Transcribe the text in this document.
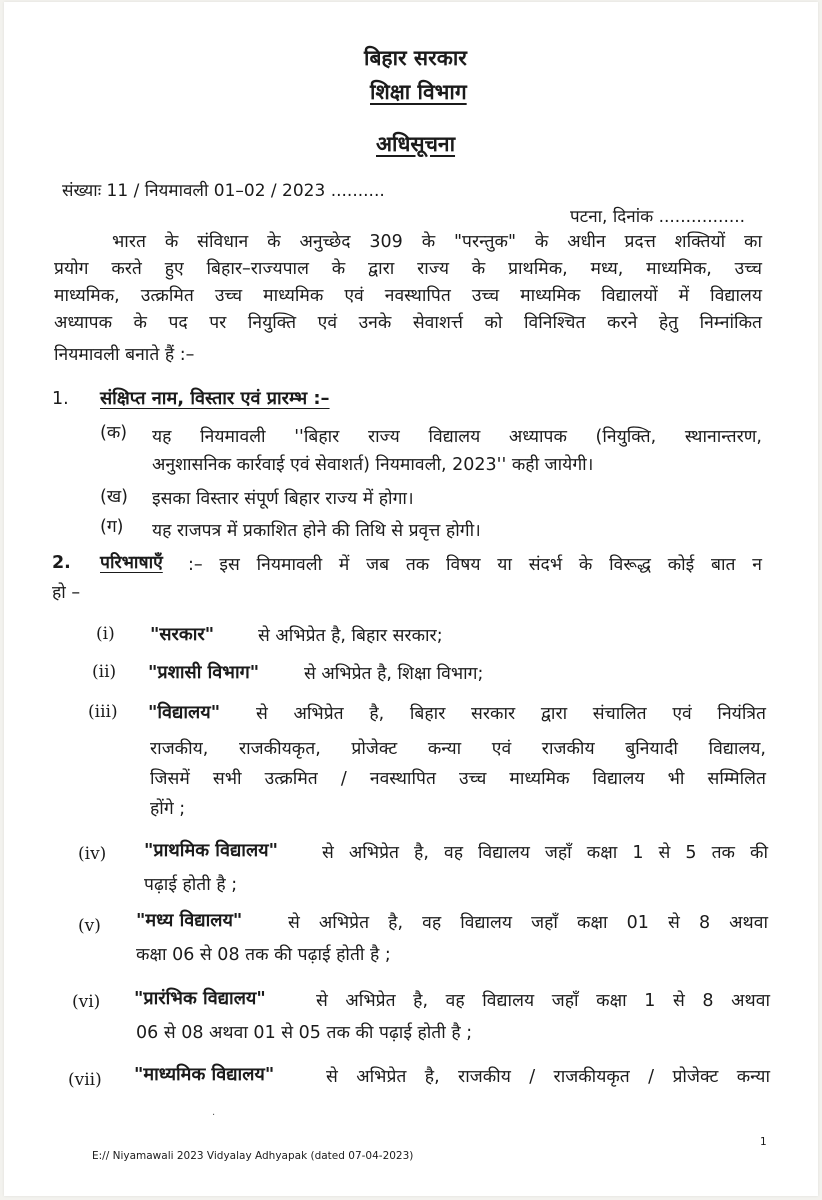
बिहार सरकार
शिक्षा विभाग
अधिसूचना
संख्याः 11 / नियमावली 01–02 / 2023 ..........
पटना, दिनांक ................
भारत के संविधान के अनुच्छेद 309 के "परन्तुक" के अधीन प्रदत्त शक्तियों का
प्रयोग करते हुए बिहार–राज्यपाल के द्वारा राज्य के प्राथमिक, मध्य, माध्यमिक, उच्च
माध्यमिक, उत्क्रमित उच्च माध्यमिक एवं नवस्थापित उच्च माध्यमिक विद्यालयों में विद्यालय
अध्यापक के पद पर नियुक्ति एवं उनके सेवाशर्त्त को विनिश्चित करने हेतु निम्नांकित
नियमावली बनाते हैं :–
1. संक्षिप्त नाम, विस्तार एवं प्रारम्भ :–
(क) यह नियमावली ''बिहार राज्य विद्यालय अध्यापक (नियुक्ति, स्थानान्तरण,
अनुशासनिक कार्रवाई एवं सेवाशर्त) नियमावली, 2023'' कही जायेगी।
(ख) इसका विस्तार संपूर्ण बिहार राज्य में होगा।
(ग) यह राजपत्र में प्रकाशित होने की तिथि से प्रवृत्त होगी।
2. परिभाषाएँ :– इस नियमावली में जब तक विषय या संदर्भ के विरूद्ध कोई बात न
हो –
(i) "सरकार"	से अभिप्रेत है, बिहार सरकार;
(ii) "प्रशासी विभाग"	से अभिप्रेत है, शिक्षा विभाग;
(iii) "विद्यालय" से अभिप्रेत है, बिहार सरकार द्वारा संचालित एवं नियंत्रित
राजकीय, राजकीयकृत, प्रोजेक्ट कन्या एवं राजकीय बुनियादी विद्यालय,
जिसमें सभी उत्क्रमित / नवस्थापित उच्च माध्यमिक विद्यालय भी सम्मिलित
होंगे ;
(iv) "प्राथमिक विद्यालय"	से अभिप्रेत है, वह विद्यालय जहाँ कक्षा 1 से 5 तक की
पढ़ाई होती है ;
(v) "मध्य विद्यालय"	से अभिप्रेत है, वह विद्यालय जहाँ कक्षा 01 से 8 अथवा
कक्षा 06 से 08 तक की पढ़ाई होती है ;
(vi) "प्रारंभिक विद्यालय"	से अभिप्रेत है, वह विद्यालय जहाँ कक्षा 1 से 8 अथवा
06 से 08 अथवा 01 से 05 तक की पढ़ाई होती है ;
(vii) "माध्यमिक विद्यालय"	से अभिप्रेत है, राजकीय / राजकीयकृत / प्रोजेक्ट कन्या
·
E:// Niyamawali 2023 Vidyalay Adhyapak (dated 07-04-2023)
1
